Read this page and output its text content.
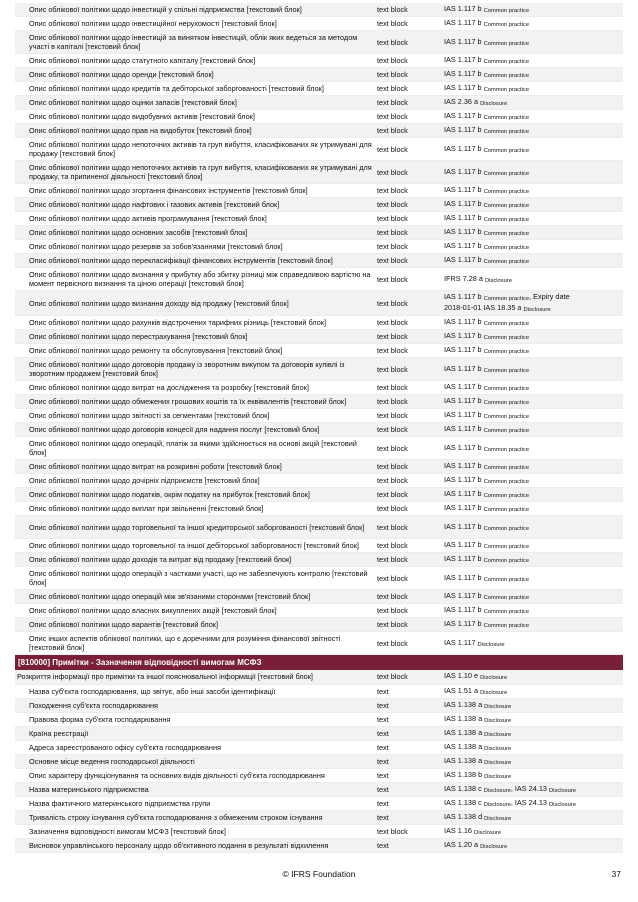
Опис облікової політики щодо інвестицій у спільні підприємства [текстовий блок]	text block	IAS 1.117 b Common practice

Опис облікової політики щодо інвестиційної нерухомості [текстовий блок]	text block	IAS 1.117 b Common practice

Опис облікової політики щодо інвестицій за винятком інвестицій, облік яких ведеться за методом участі в капіталі [текстовий блок]	text block	IAS 1.117 b Common practice

Опис облікової політики щодо статутного капіталу [текстовий блок]	text block	IAS 1.117 b Common practice

Опис облікової політики щодо оренди [текстовий блок]	text block	IAS 1.117 b Common practice

Опис облікової політики щодо кредитів та дебіторської заборгованості [текстовий блок]	text block	IAS 1.117 b Common practice

Опис облікової політики щодо оцінки запасів [текстовий блок]	text block	IAS 2.36 a Disclosure

Опис облікової політики щодо видобувних активів [текстовий блок]	text block	IAS 1.117 b Common practice

Опис облікової політики щодо прав на видобуток [текстовий блок]	text block	IAS 1.117 b Common practice

Опис облікової політики щодо непоточних активів та груп вибуття, класифікованих як утримувані для продажу [текстовий блок]	text block	IAS 1.117 b Common practice

Опис облікової політики щодо непоточних активів та груп вибуття, класифікованих як утримувані для продажу, та припиненої діяльності [текстовий блок]	text block	IAS 1.117 b Common practice

Опис облікової політики щодо згортання фінансових інструментів [текстовий блок]	text block	IAS 1.117 b Common practice

Опис облікової політики щодо нафтових і газових активів [текстовий блок]	text block	IAS 1.117 b Common practice

Опис облікової політики щодо активів програмування [текстовий блок]	text block	IAS 1.117 b Common practice

Опис облікової політики щодо основних засобів [текстовий блок]	text block	IAS 1.117 b Common practice

Опис облікової політики щодо резервів за зобов'язаннями [текстовий блок]	text block	IAS 1.117 b Common practice

Опис облікової політики щодо перекласифікації фінансових інструментів [текстовий блок]	text block	IAS 1.117 b Common practice

Опис облікової політики щодо визнання у прибутку або збитку різниці між справедливою вартістю на момент первісного визнання та ціною операції [текстовий блок]	text block	IFRS 7.28 a Disclosure

Опис облікової політики щодо визнання доходу від продажу [текстовий блок]	text block	IAS 1.117 b Common practice, Expiry date
2018-01-01 IAS 18.35 a Disclosure

Опис облікової політики щодо рахунків відстрочених тарифних різниць [текстовий блок]	text block	IAS 1.117 b Common practice

Опис облікової політики щодо перестрахування [текстовий блок]	text block	IAS 1.117 b Common practice

Опис облікової політики щодо ремонту та обслуговування [текстовий блок]	text block	IAS 1.117 b Common practice

Опис облікової політики щодо договорів продажу із зворотним викупом та договорів купівлі із зворотним продажем [текстовий блок]	text block	IAS 1.117 b Common practice

Опис облікової політики щодо витрат на дослідження та розробку [текстовий блок]	text block	IAS 1.117 b Common practice

Опис облікової політики щодо обмежених грошових коштів та їх еквівалентів [текстовий блок]	text block	IAS 1.117 b Common practice

Опис облікової політики щодо звітності за сегментами [текстовий блок]	text block	IAS 1.117 b Common practice

Опис облікової політики щодо договорів концесії для надання послуг [текстовий блок]	text block	IAS 1.117 b Common practice

Опис облікової політики щодо операцій, платіж за якими здійснюється на основі акцій [текстовий блок]	text block	IAS 1.117 b Common practice

Опис облікової політики щодо витрат на розкривні роботи [текстовий блок]	text block	IAS 1.117 b Common practice

Опис облікової політики щодо дочірніх підприємств [текстовий блок]	text block	IAS 1.117 b Common practice

Опис облікової політики щодо податків, окрім податку на прибуток [текстовий блок]	text block	IAS 1.117 b Common practice

Опис облікової політики щодо виплат при звільненні [текстовий блок]	text block	IAS 1.117 b Common practice

Опис облікової політики щодо торговельної та іншої кредиторської заборгованості [текстовий блок]	text block	IAS 1.117 b Common practice

Опис облікової політики щодо торговельної та іншої дебіторської заборгованості [текстовий блок]	text block	IAS 1.117 b Common practice

Опис облікової політики щодо доходів та витрат від продажу [текстовий блок]	text block	IAS 1.117 b Common practice

Опис облікової політики щодо операцій з частками участі, що не забезпечують контролю [текстовий блок]	text block	IAS 1.117 b Common practice

Опис облікової політики щодо операцій між зв'язаними сторонами [текстовий блок]	text block	IAS 1.117 b Common practice

Опис облікової політики щодо власних викуплених акцій [текстовий блок]	text block	IAS 1.117 b Common practice

Опис облікової політики щодо варантів [текстовий блок]	text block	IAS 1.117 b Common practice

Опис інших аспектів облікової політики, що є доречними для розуміння фінансової звітності [текстовий блок]	text block	IAS 1.117 Disclosure

[810000] Примітки - Зазначення відповідності вимогам МСФЗ		
Розкриття інформації про примітки та іншої пояснювальної інформації [текстовий блок]	text block	IAS 1.10 e Disclosure

Назва суб'єкта господарювання, що звітує, або інші засоби ідентифікації	text	IAS 1.51 a Disclosure

Походження суб'єкта господарювання	text	IAS 1.138 a Disclosure

Правова форма суб'єкта господарювання	text	IAS 1.138 a Disclosure

Країна реєстрації	text	IAS 1.138 a Disclosure

Адреса зареєстрованого офісу суб'єкта господарювання	text	IAS 1.138 a Disclosure

Основне місце ведення господарської діяльності	text	IAS 1.138 a Disclosure

Опис характеру функціонування та основних видів діяльності суб'єкта господарювання	text	IAS 1.138 b Disclosure

Назва материнського підприємства	text	IAS 1.138 c Disclosure, IAS 24.13 Disclosure

Назва фактичного материнського підприємства групи	text	IAS 1.138 c Disclosure, IAS 24.13 Disclosure

Тривалість строку існування суб'єкта господарювання з обмеженим строком існування	text	IAS 1.138 d Disclosure

Зазначення відповідності вимогам МСФЗ [текстовий блок]	text block	IAS 1.16 Disclosure

Висновок управлінського персоналу щодо об'єктивного подання в результаті відхилення	text	IAS 1.20 a Disclosure
© IFRS Foundation	37
